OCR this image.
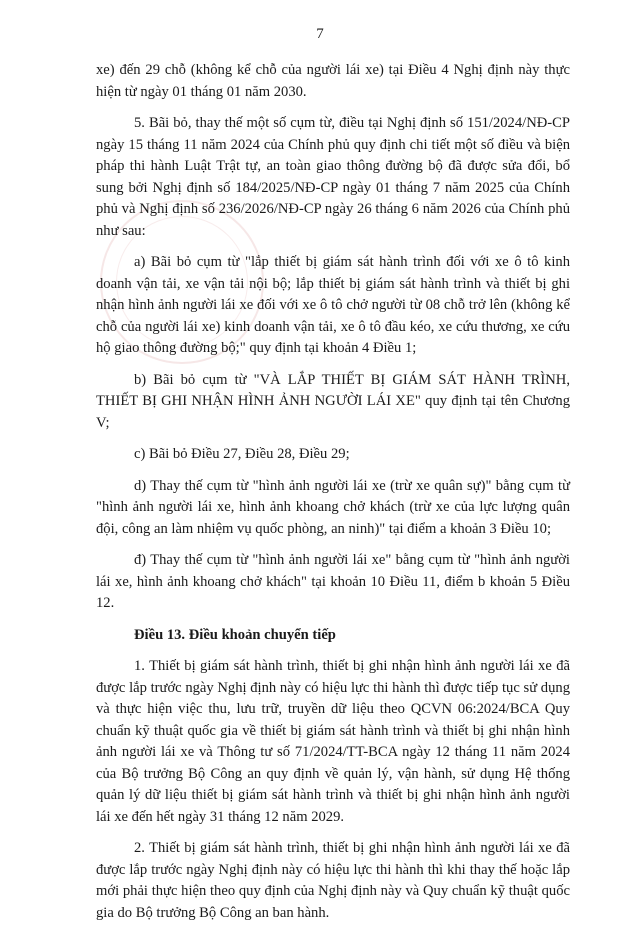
7

xe) đến 29 chỗ (không kể chỗ của người lái xe) tại Điều 4 Nghị định này thực hiện từ ngày 01 tháng 01 năm 2030.

5. Bãi bỏ, thay thế một số cụm từ, điều tại Nghị định số 151/2024/NĐ-CP ngày 15 tháng 11 năm 2024 của Chính phủ quy định chi tiết một số điều và biện pháp thi hành Luật Trật tự, an toàn giao thông đường bộ đã được sửa đổi, bổ sung bởi Nghị định số 184/2025/NĐ-CP ngày 01 tháng 7 năm 2025 của Chính phủ và Nghị định số 236/2026/NĐ-CP ngày 26 tháng 6 năm 2026 của Chính phủ như sau:

a) Bãi bỏ cụm từ "lắp thiết bị giám sát hành trình đối với xe ô tô kinh doanh vận tải, xe vận tải nội bộ; lắp thiết bị giám sát hành trình và thiết bị ghi nhận hình ảnh người lái xe đối với xe ô tô chở người từ 08 chỗ trở lên (không kể chỗ của người lái xe) kinh doanh vận tải, xe ô tô đầu kéo, xe cứu thương, xe cứu hộ giao thông đường bộ;" quy định tại khoản 4 Điều 1;

b) Bãi bỏ cụm từ "VÀ LẮP THIẾT BỊ GIÁM SÁT HÀNH TRÌNH, THIẾT BỊ GHI NHẬN HÌNH ẢNH NGƯỜI LÁI XE" quy định tại tên Chương V;

c) Bãi bỏ Điều 27, Điều 28, Điều 29;

d) Thay thế cụm từ "hình ảnh người lái xe (trừ xe quân sự)" bằng cụm từ "hình ảnh người lái xe, hình ảnh khoang chở khách (trừ xe của lực lượng quân đội, công an làm nhiệm vụ quốc phòng, an ninh)" tại điểm a khoản 3 Điều 10;

đ) Thay thế cụm từ "hình ảnh người lái xe" bằng cụm từ "hình ảnh người lái xe, hình ảnh khoang chở khách" tại khoản 10 Điều 11, điểm b khoản 5 Điều 12.

Điều 13. Điều khoản chuyển tiếp

1. Thiết bị giám sát hành trình, thiết bị ghi nhận hình ảnh người lái xe đã được lắp trước ngày Nghị định này có hiệu lực thi hành thì được tiếp tục sử dụng và thực hiện việc thu, lưu trữ, truyền dữ liệu theo QCVN 06:2024/BCA Quy chuẩn kỹ thuật quốc gia về thiết bị giám sát hành trình và thiết bị ghi nhận hình ảnh người lái xe và Thông tư số 71/2024/TT-BCA ngày 12 tháng 11 năm 2024 của Bộ trưởng Bộ Công an quy định về quản lý, vận hành, sử dụng Hệ thống quản lý dữ liệu thiết bị giám sát hành trình và thiết bị ghi nhận hình ảnh người lái xe đến hết ngày 31 tháng 12 năm 2029.

2. Thiết bị giám sát hành trình, thiết bị ghi nhận hình ảnh người lái xe đã được lắp trước ngày Nghị định này có hiệu lực thi hành thì khi thay thế hoặc lắp mới phải thực hiện theo quy định của Nghị định này và Quy chuẩn kỹ thuật quốc gia do Bộ trưởng Bộ Công an ban hành.
